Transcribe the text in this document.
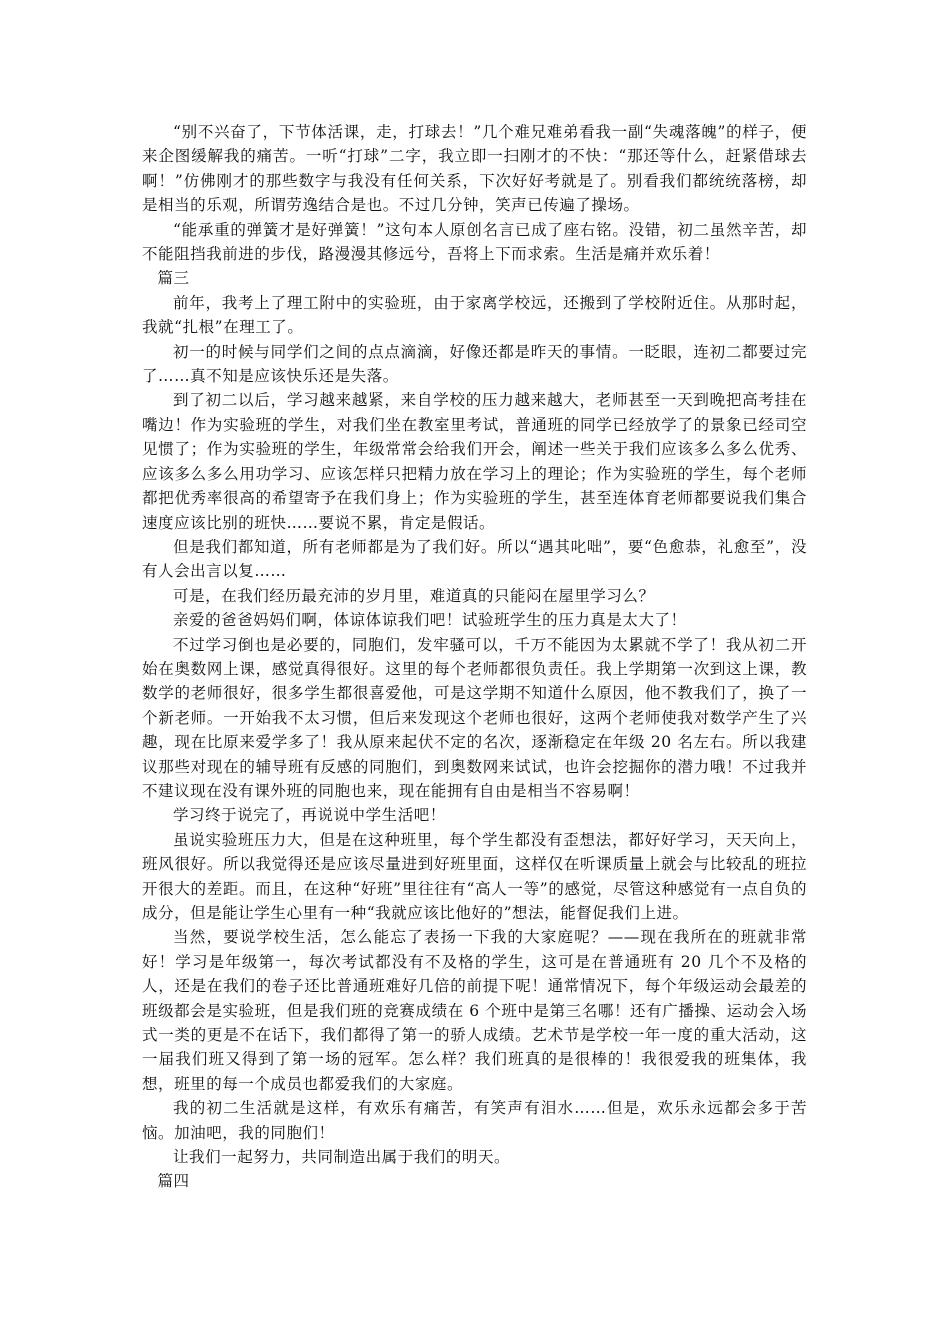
“别不兴奋了，下节体活课，走，打球去！”几个难兄难弟看我一副“失魂落魄”的样子，便来企图缓解我的痛苦。一听“打球”二字，我立即一扫刚才的不快：“那还等什么，赶紧借球去啊！”仿佛刚才的那些数字与我没有任何关系，下次好好考就是了。别看我们都统统落榜，却是相当的乐观，所谓劳逸结合是也。不过几分钟，笑声已传遍了操场。

“能承重的弹簧才是好弹簧！”这句本人原创名言已成了座右铭。没错，初二虽然辛苦，却不能阻挡我前进的步伐，路漫漫其修远兮，吾将上下而求索。生活是痛并欢乐着！

篇三

前年，我考上了理工附中的实验班，由于家离学校远，还搬到了学校附近住。从那时起，我就“扎根”在理工了。

初一的时候与同学们之间的点点滴滴，好像还都是昨天的事情。一眨眼，连初二都要过完了……真不知是应该快乐还是失落。

到了初二以后，学习越来越紧，来自学校的压力越来越大，老师甚至一天到晚把高考挂在嘴边！作为实验班的学生，对我们坐在教室里考试，普通班的同学已经放学了的景象已经司空见惯了；作为实验班的学生，年级常常会给我们开会，阐述一些关于我们应该多么多么优秀、应该多么多么用功学习、应该怎样只把精力放在学习上的理论；作为实验班的学生，每个老师都把优秀率很高的希望寄予在我们身上；作为实验班的学生，甚至连体育老师都要说我们集合速度应该比别的班快……要说不累，肯定是假话。

但是我们都知道，所有老师都是为了我们好。所以“遇其叱咄”，要“色愈恭，礼愈至”，没有人会出言以复……

可是，在我们经历最充沛的岁月里，难道真的只能闷在屋里学习么？

亲爱的爸爸妈妈们啊，体谅体谅我们吧！试验班学生的压力真是太大了！

不过学习倒也是必要的，同胞们，发牢骚可以，千万不能因为太累就不学了！我从初二开始在奥数网上课，感觉真得很好。这里的每个老师都很负责任。我上学期第一次到这上课，教数学的老师很好，很多学生都很喜爱他，可是这学期不知道什么原因，他不教我们了，换了一个新老师。一开始我不太习惯，但后来发现这个老师也很好，这两个老师使我对数学产生了兴趣，现在比原来爱学多了！我从原来起伏不定的名次，逐渐稳定在年级 20 名左右。所以我建议那些对现在的辅导班有反感的同胞们，到奥数网来试试，也许会挖掘你的潜力哦！不过我并不建议现在没有课外班的同胞也来，现在能拥有自由是相当不容易啊！

学习终于说完了，再说说中学生活吧！

虽说实验班压力大，但是在这种班里，每个学生都没有歪想法，都好好学习，天天向上，班风很好。所以我觉得还是应该尽量进到好班里面，这样仅在听课质量上就会与比较乱的班拉开很大的差距。而且，在这种“好班”里往往有“高人一等”的感觉，尽管这种感觉有一点自负的成分，但是能让学生心里有一种“我就应该比他好的”想法，能督促我们上进。

当然，要说学校生活，怎么能忘了表扬一下我的大家庭呢？——现在我所在的班就非常好！学习是年级第一，每次考试都没有不及格的学生，这可是在普通班有 20 几个不及格的人，还是在我们的卷子还比普通班难好几倍的前提下呢！通常情况下，每个年级运动会最差的班级都会是实验班，但是我们班的竞赛成绩在 6 个班中是第三名哪！还有广播操、运动会入场式一类的更是不在话下，我们都得了第一的骄人成绩。艺术节是学校一年一度的重大活动，这一届我们班又得到了第一场的冠军。怎么样？我们班真的是很棒的！我很爱我的班集体，我想，班里的每一个成员也都爱我们的大家庭。

我的初二生活就是这样，有欢乐有痛苦，有笑声有泪水……但是，欢乐永远都会多于苦恼。加油吧，我的同胞们！

让我们一起努力，共同制造出属于我们的明天。

篇四
